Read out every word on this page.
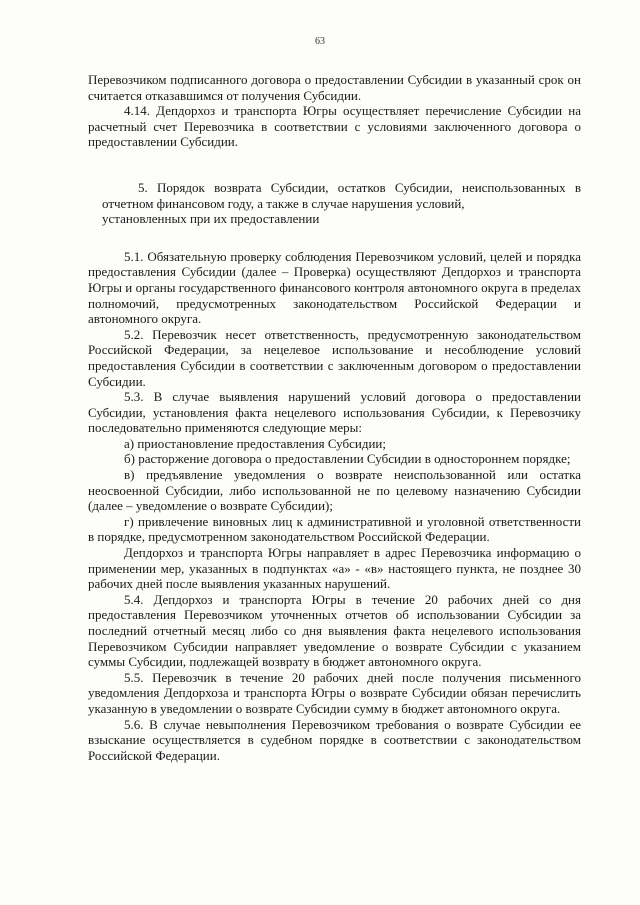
63

Перевозчиком подписанного договора о предоставлении Субсидии в указанный срок он считается отказавшимся от получения Субсидии.

4.14. Депдорхоз и транспорта Югры осуществляет перечисление Субсидии на расчетный счет Перевозчика в соответствии с условиями заключенного договора о предоставлении Субсидии.

5. Порядок возврата Субсидии, остатков Субсидии, неиспользованных в отчетном финансовом году, а также в случае нарушения условий,
установленных при их предоставлении

5.1. Обязательную проверку соблюдения Перевозчиком условий, целей и порядка предоставления Субсидии (далее – Проверка) осуществляют Депдорхоз и транспорта Югры и органы государственного финансового контроля автономного округа в пределах полномочий, предусмотренных законодательством Российской Федерации и автономного округа.

5.2. Перевозчик несет ответственность, предусмотренную законодательством Российской Федерации, за нецелевое использование и несоблюдение условий предоставления Субсидии в соответствии с заключенным договором о предоставлении Субсидии.

5.3. В случае выявления нарушений условий договора о предоставлении Субсидии, установления факта нецелевого использования Субсидии, к Перевозчику последовательно применяются следующие меры:

а) приостановление предоставления Субсидии;

б) расторжение договора о предоставлении Субсидии в одностороннем порядке;

в) предъявление уведомления о возврате неиспользованной или остатка неосвоенной Субсидии, либо использованной не по целевому назначению Субсидии (далее – уведомление о возврате Субсидии);

г) привлечение виновных лиц к административной и уголовной ответственности в порядке, предусмотренном законодательством Российской Федерации.

Депдорхоз и транспорта Югры направляет в адрес Перевозчика информацию о применении мер, указанных в подпунктах «а» - «в» настоящего пункта, не позднее 30 рабочих дней после выявления указанных нарушений.

5.4. Депдорхоз и транспорта Югры в течение 20 рабочих дней со дня предоставления Перевозчиком уточненных отчетов об использовании Субсидии за последний отчетный месяц либо со дня выявления факта нецелевого использования Перевозчиком Субсидии направляет уведомление о возврате Субсидии с указанием суммы Субсидии, подлежащей возврату в бюджет автономного округа.

5.5. Перевозчик в течение 20 рабочих дней после получения письменного уведомления Депдорхоза и транспорта Югры о возврате Субсидии обязан перечислить указанную в уведомлении о возврате Субсидии сумму в бюджет автономного округа.

5.6. В случае невыполнения Перевозчиком требования о возврате Субсидии ее взыскание осуществляется в судебном порядке в соответствии с законодательством Российской Федерации.
